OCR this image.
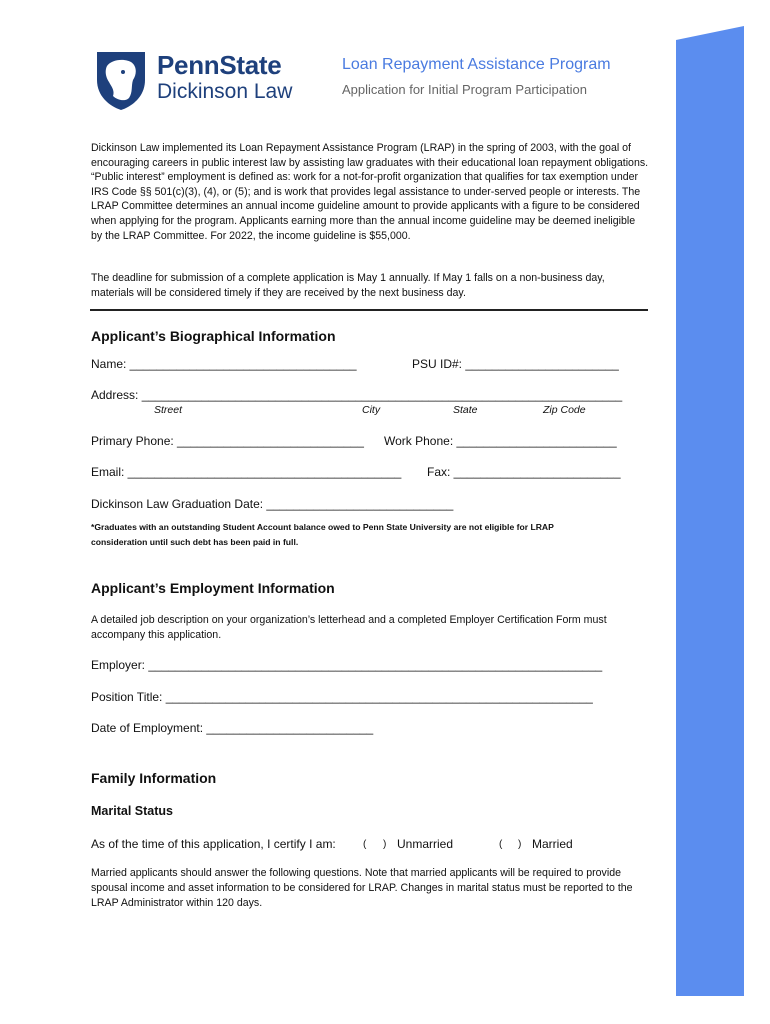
PennState
Dickinson Law
Loan Repayment Assistance Program
Application for Initial Program Participation

Dickinson Law implemented its Loan Repayment Assistance Program (LRAP) in the spring of 2003, with the goal of encouraging careers in public interest law by assisting law graduates with their educational loan repayment obligations. “Public interest” employment is defined as: work for a not-for-profit organization that qualifies for tax exemption under IRS Code §§ 501(c)(3), (4), or (5); and is work that provides legal assistance to under-served people or interests. The LRAP Committee determines an annual income guideline amount to provide applicants with a figure to be considered when applying for the program. Applicants earning more than the annual income guideline may be deemed ineligible by the LRAP Committee. For 2022, the income guideline is $55,000.

The deadline for submission of a complete application is May 1 annually. If May 1 falls on a non-business day, materials will be considered timely if they are received by the next business day.

Applicant’s Biographical Information
Name: __________________________________	PSU ID#: _______________________
Address: ________________________________________________________________________
Street	City	State	Zip Code
Primary Phone: ____________________________ Work Phone: ________________________
Email: _________________________________________ Fax: _________________________
Dickinson Law Graduation Date: ____________________________

*Graduates with an outstanding Student Account balance owed to Penn State University are not eligible for LRAP consideration until such debt has been paid in full.

Applicant’s Employment Information

A detailed job description on your organization’s letterhead and a completed Employer Certification Form must accompany this application.

Employer: ____________________________________________________________________
Position Title: ________________________________________________________________
Date of Employment: _________________________
Family Information
Marital Status
As of the time of this application, I certify I am:	( ) Unmarried	( ) Married

Married applicants should answer the following questions. Note that married applicants will be required to provide spousal income and asset information to be considered for LRAP. Changes in marital status must be reported to the LRAP Administrator within 120 days.
